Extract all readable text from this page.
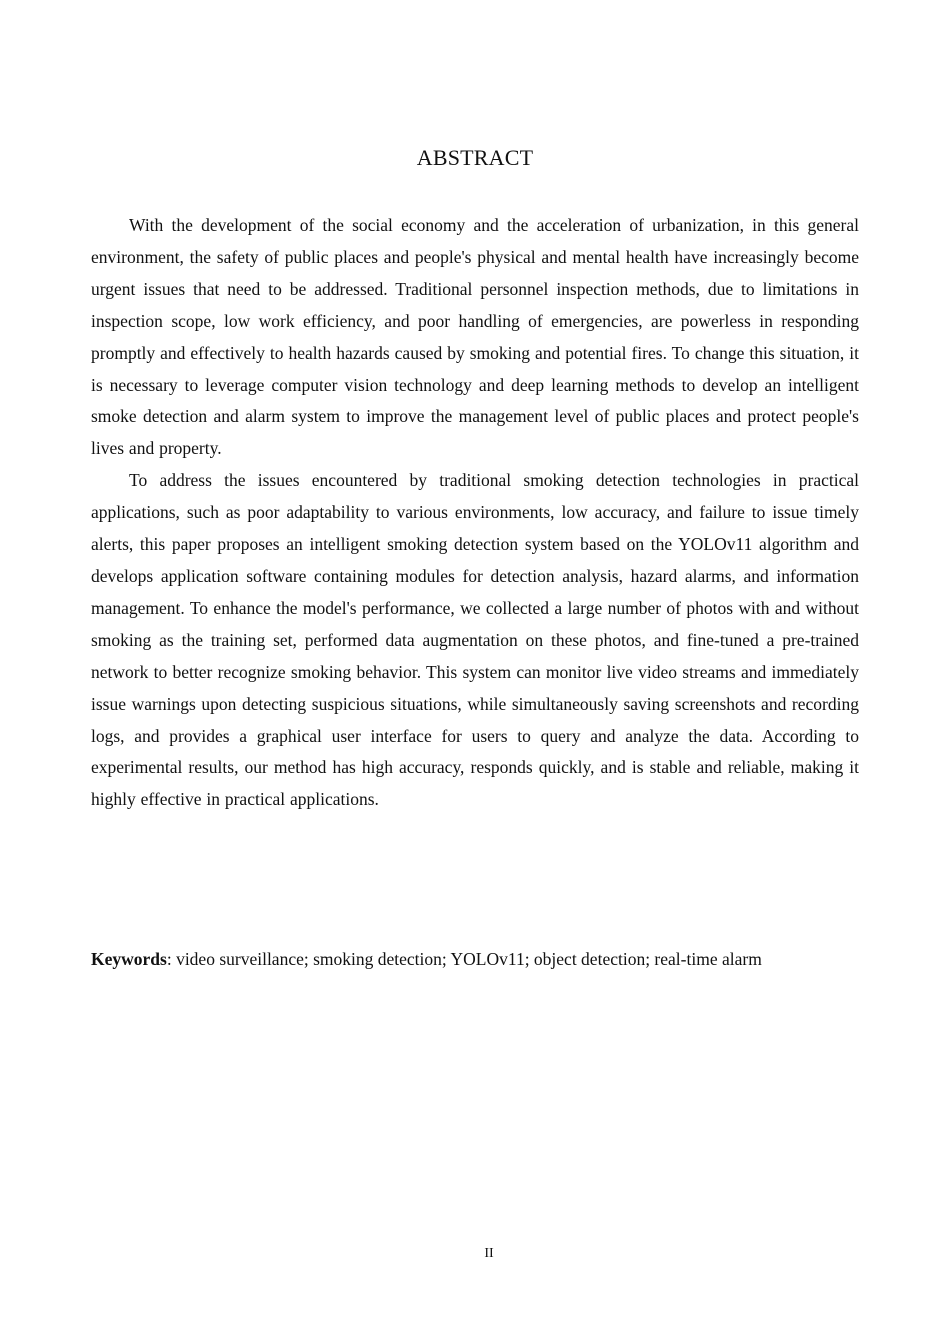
ABSTRACT

With the development of the social economy and the acceleration of urbanization, in this general environment, the safety of public places and people's physical and mental health have increasingly become urgent issues that need to be addressed. Traditional personnel inspection methods, due to limitations in inspection scope, low work efficiency, and poor handling of emergencies, are powerless in responding promptly and effectively to health hazards caused by smoking and potential fires. To change this situation, it is necessary to leverage computer vision technology and deep learning methods to develop an intelligent smoke detection and alarm system to improve the management level of public places and protect people's lives and property.

To address the issues encountered by traditional smoking detection technologies in practical applications, such as poor adaptability to various environments, low accuracy, and failure to issue timely alerts, this paper proposes an intelligent smoking detection system based on the YOLOv11 algorithm and develops application software containing modules for detection analysis, hazard alarms, and information management. To enhance the model's performance, we collected a large number of photos with and without smoking as the training set, performed data augmentation on these photos, and fine-tuned a pre-trained network to better recognize smoking behavior. This system can monitor live video streams and immediately issue warnings upon detecting suspicious situations, while simultaneously saving screenshots and recording logs, and provides a graphical user interface for users to query and analyze the data. According to experimental results, our method has high accuracy, responds quickly, and is stable and reliable, making it highly effective in practical applications.

Keywords: video surveillance; smoking detection; YOLOv11; object detection; real-time alarm
II
